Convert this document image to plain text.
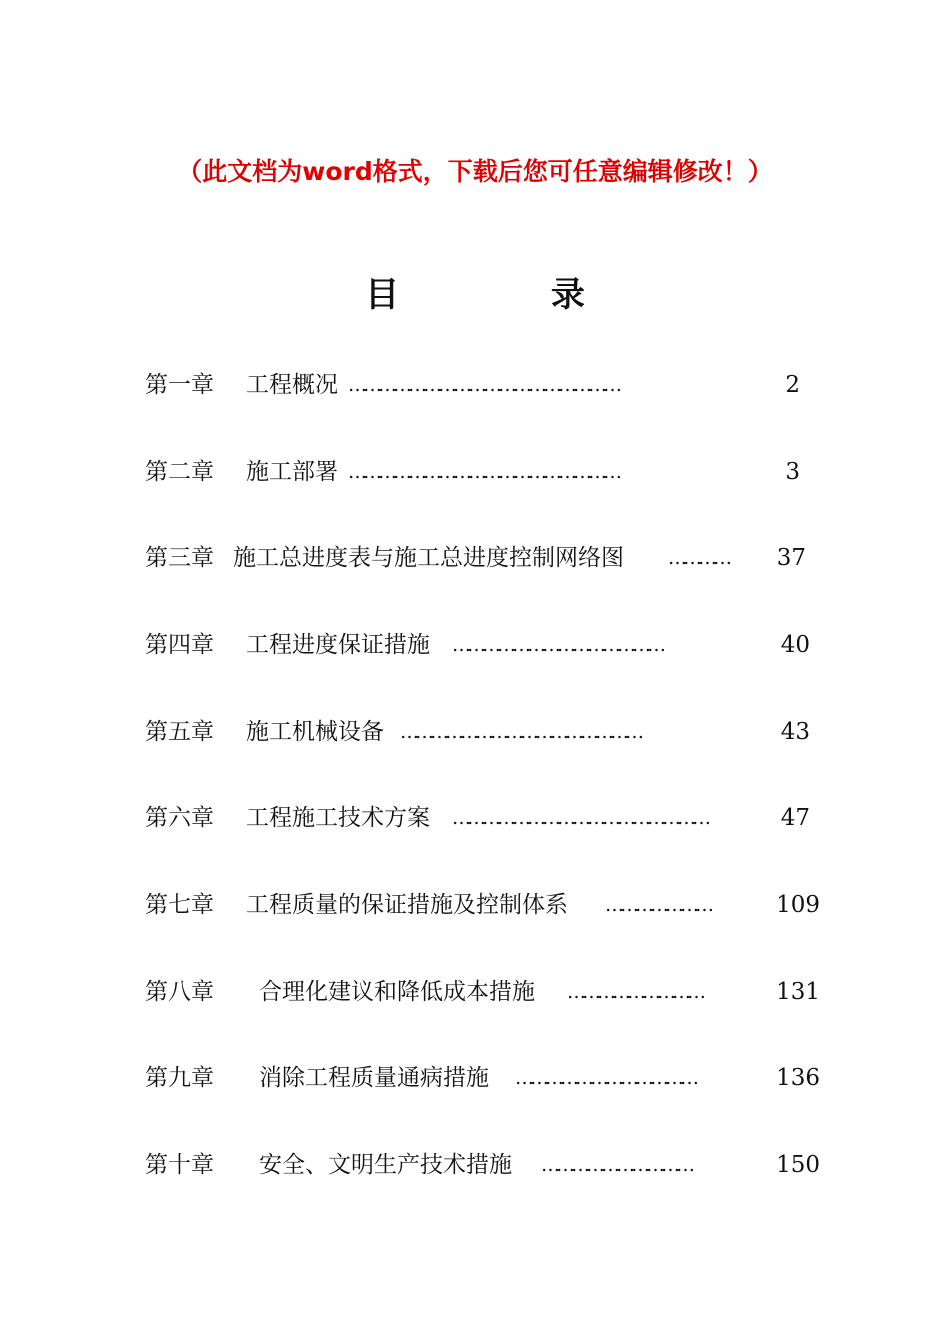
（此文档为word格式，下载后您可任意编辑修改！）
目 录
第一章 工程概况 ………………………………………………	2
第二章 施工部署 ………………………………………………	3
第三章 施工总进度表与施工总进度控制网络图 ………… 37
第四章 工程进度保证措施 ……………………………………	40
第五章 施工机械设备 …………………………………………	43
第六章 工程施工技术方案 ……………………………………………	47
第七章 工程质量的保证措施及控制体系 …………………	109
第八章 合理化建议和降低成本措施 ………………………	131
第九章 消除工程质量通病措施 ………………………………	136
第十章 安全、文明生产技术措施 …………………………	150
